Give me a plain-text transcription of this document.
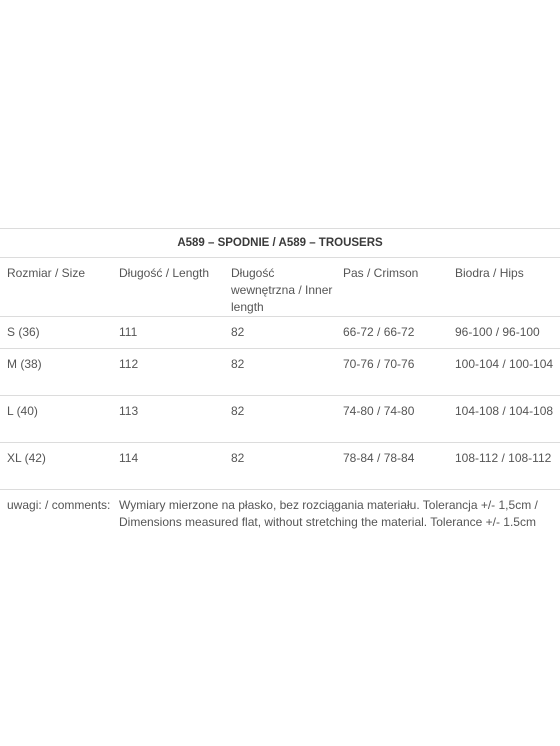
A589 – SPODNIE / A589 – TROUSERS				
Rozmiar / Size	Długość / Length	Długość wewnętrzna / Inner length	Pas / Crimson	Biodra / Hips
S (36)	111	82	66-72 / 66-72	96-100 / 96-100
M (38)	112	82	70-76 / 70-76	100-104 / 100-104
L (40)	113	82	74-80 / 74-80	104-108 / 104-108
XL (42)	114	82	78-84 / 78-84	108-112 / 108-112
uwagi: / comments:	Wymiary mierzone na płasko, bez rozciągania materiału. Tolerancja +/- 1,5cm / Dimensions measured flat, without stretching the material. Tolerance +/- 1.5cm			
